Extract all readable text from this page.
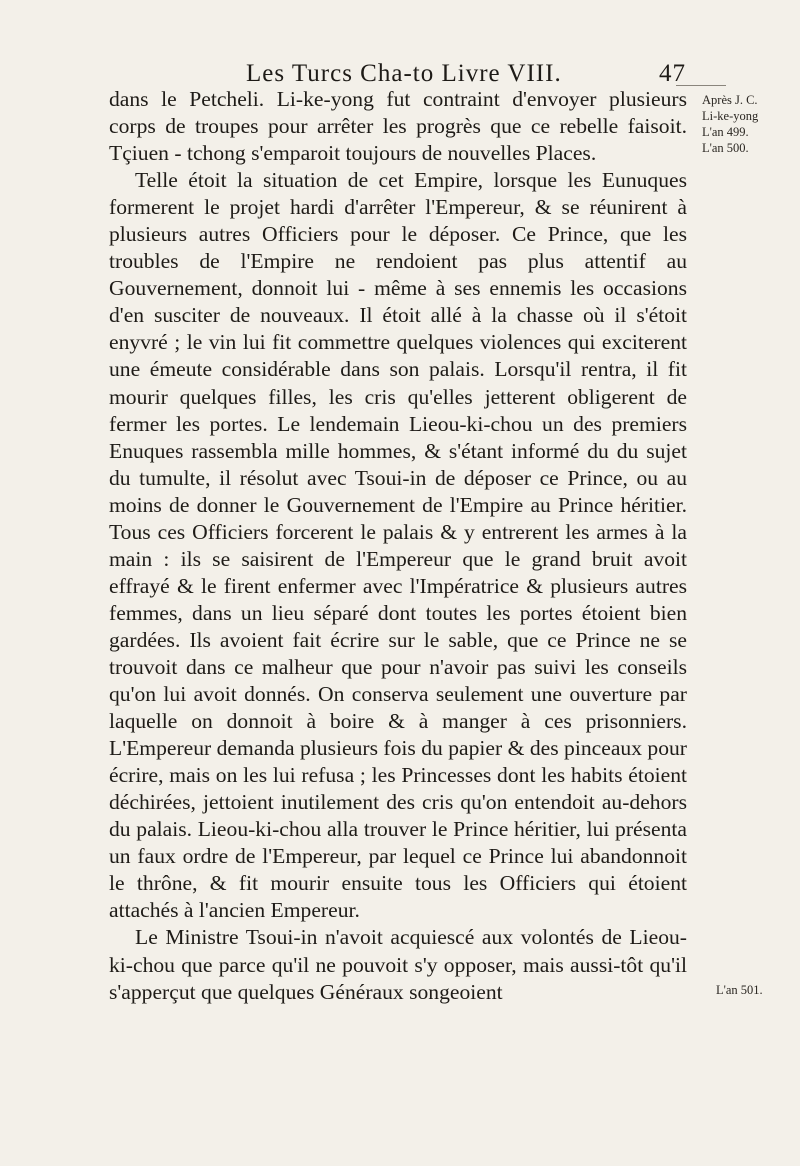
Les Turcs Cha-to Livre VIII.	47
Après J. C.
Li-ke-yong
L'an 499.
L'an 500.
L'an 501.

dans le Petcheli. Li-ke-yong fut contraint d'envoyer plusieurs corps de troupes pour arrêter les progrès que ce rebelle faisoit. Tçiuen - tchong s'emparoit toujours de nouvelles Places.

Telle étoit la situation de cet Empire, lorsque les Eunuques formerent le projet hardi d'arrêter l'Empereur, & se réunirent à plusieurs autres Officiers pour le déposer. Ce Prince, que les troubles de l'Empire ne rendoient pas plus attentif au Gouvernement, donnoit lui - même à ses ennemis les occasions d'en susciter de nouveaux. Il étoit allé à la chasse où il s'étoit enyvré ; le vin lui fit commettre quelques violences qui exciterent une émeute considérable dans son palais. Lorsqu'il rentra, il fit mourir quelques filles, les cris qu'elles jetterent obligerent de fermer les portes. Le lendemain Lieou-ki-chou un des premiers Enuques rassembla mille hommes, & s'étant informé du du sujet du tumulte, il résolut avec Tsoui-in de déposer ce Prince, ou au moins de donner le Gouvernement de l'Empire au Prince héritier. Tous ces Officiers forcerent le palais & y entrerent les armes à la main : ils se saisirent de l'Empereur que le grand bruit avoit effrayé & le firent enfermer avec l'Impératrice & plusieurs autres femmes, dans un lieu séparé dont toutes les portes étoient bien gardées. Ils avoient fait écrire sur le sable, que ce Prince ne se trouvoit dans ce malheur que pour n'avoir pas suivi les conseils qu'on lui avoit donnés. On conserva seulement une ouverture par laquelle on donnoit à boire & à manger à ces prisonniers. L'Empereur demanda plusieurs fois du papier & des pinceaux pour écrire, mais on les lui refusa ; les Princesses dont les habits étoient déchirées, jettoient inutilement des cris qu'on entendoit au-dehors du palais. Lieou-ki-chou alla trouver le Prince héritier, lui présenta un faux ordre de l'Empereur, par lequel ce Prince lui abandonnoit le thrône, & fit mourir ensuite tous les Officiers qui étoient attachés à l'ancien Empereur.

Le Ministre Tsoui-in n'avoit acquiescé aux volontés de Lieou-ki-chou que parce qu'il ne pouvoit s'y opposer, mais aussi-tôt qu'il s'apperçut que quelques Généraux songeoient
